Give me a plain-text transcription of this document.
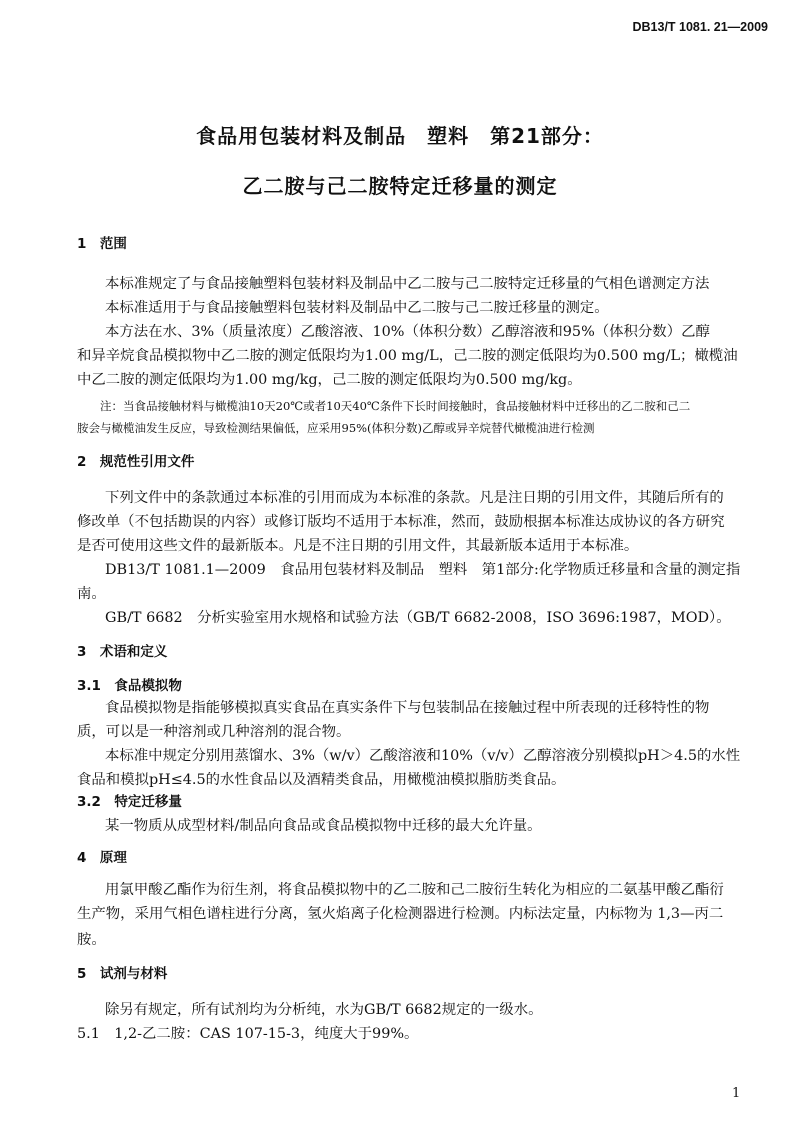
DB13/T 1081. 21—2009
食品用包装材料及制品　塑料　第21部分：
乙二胺与己二胺特定迁移量的测定
1　范围
本标准规定了与食品接触塑料包装材料及制品中乙二胺与己二胺特定迁移量的气相色谱测定方法
本标准适用于与食品接触塑料包装材料及制品中乙二胺与己二胺迁移量的测定。
本方法在水、3%（质量浓度）乙酸溶液、10%（体积分数）乙醇溶液和95%（体积分数）乙醇
和异辛烷食品模拟物中乙二胺的测定低限均为1.00 mg/L，己二胺的测定低限均为0.500 mg/L；橄榄油
中乙二胺的测定低限均为1.00 mg/kg，己二胺的测定低限均为0.500 mg/kg。
注：当食品接触材料与橄榄油10天20℃或者10天40℃条件下长时间接触时，食品接触材料中迁移出的乙二胺和己二
胺会与橄榄油发生反应，导致检测结果偏低，应采用95%(体积分数)乙醇或异辛烷替代橄榄油进行检测
2　规范性引用文件
下列文件中的条款通过本标准的引用而成为本标准的条款。凡是注日期的引用文件，其随后所有的
修改单（不包括勘误的内容）或修订版均不适用于本标准，然而，鼓励根据本标准达成协议的各方研究
是否可使用这些文件的最新版本。凡是不注日期的引用文件，其最新版本适用于本标准。
DB13/T 1081.1—2009　食品用包装材料及制品　塑料　第1部分:化学物质迁移量和含量的测定指
南。
GB/T 6682　分析实验室用水规格和试验方法（GB/T 6682-2008，ISO 3696:1987，MOD）。
3　术语和定义
3.1　食品模拟物
食品模拟物是指能够模拟真实食品在真实条件下与包装制品在接触过程中所表现的迁移特性的物
质，可以是一种溶剂或几种溶剂的混合物。
本标准中规定分别用蒸馏水、3%（w/v）乙酸溶液和10%（v/v）乙醇溶液分别模拟pH＞4.5的水性
食品和模拟pH≤4.5的水性食品以及酒精类食品，用橄榄油模拟脂肪类食品。
3.2　特定迁移量
某一物质从成型材料/制品向食品或食品模拟物中迁移的最大允许量。
4　原理
用氯甲酸乙酯作为衍生剂，将食品模拟物中的乙二胺和己二胺衍生转化为相应的二氨基甲酸乙酯衍
生产物，采用气相色谱柱进行分离，氢火焰离子化检测器进行检测。内标法定量，内标物为 1,3—丙二
胺。
5　试剂与材料
除另有规定，所有试剂均为分析纯，水为GB/T 6682规定的一级水。
5.1　1,2-乙二胺：CAS 107-15-3，纯度大于99%。
1
